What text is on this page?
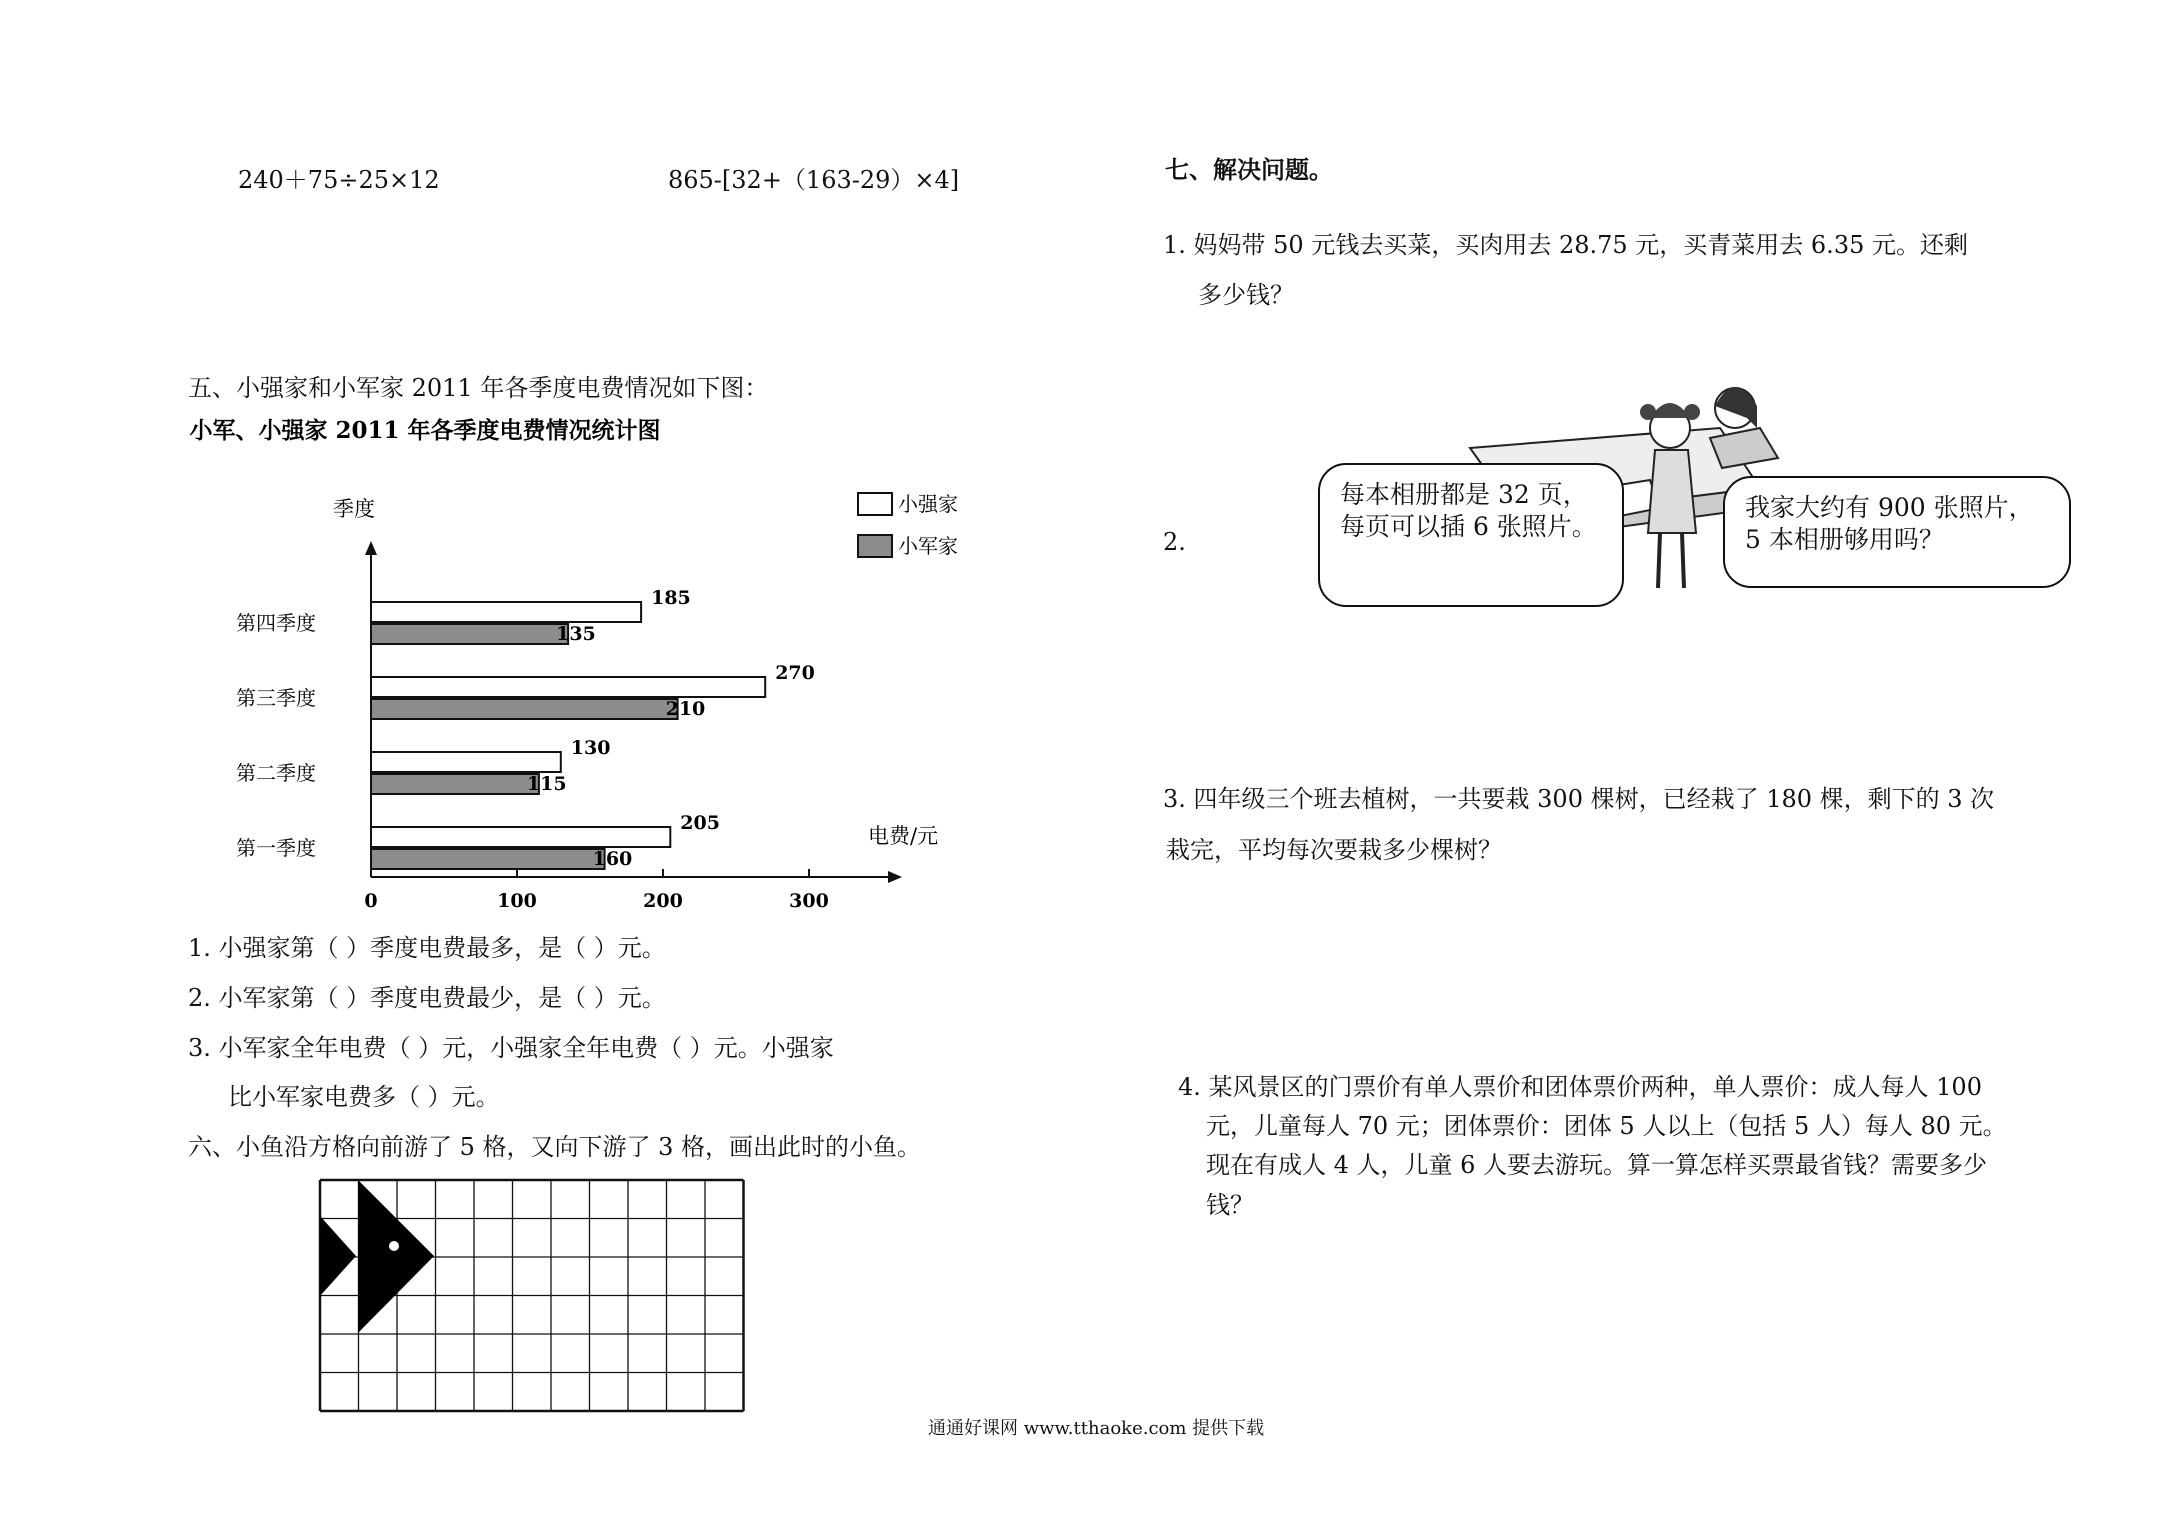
240＋75÷25×12	865-[32+（163-29）×4]
五、小强家和小军家 2011 年各季度电费情况如下图：
小军、小强家 2011 年各季度电费情况统计图
季度
电费/元
0	100	200	300
第一季度
205
160
第二季度
130
115
第三季度
270
210
第四季度
185
135
小强家
小军家
1. 小强家第（ ）季度电费最多，是（ ）元。
2. 小军家第（ ）季度电费最少，是（ ）元。
3. 小军家全年电费（ ）元，小强家全年电费（ ）元。小强家
比小军家电费多（ ）元。
六、小鱼沿方格向前游了 5 格，又向下游了 3 格，画出此时的小鱼。
七、解决问题。
1. 妈妈带 50 元钱去买菜，买肉用去 28.75 元，买青菜用去 6.35 元。还剩
多少钱？
2.
每本相册都是 32 页，每页可以插 6 张照片。
我家大约有 900 张照片，5 本相册够用吗？
3. 四年级三个班去植树，一共要栽 300 棵树，已经栽了 180 棵，剩下的 3 次
栽完，平均每次要栽多少棵树？
4. 某风景区的门票价有单人票价和团体票价两种，单人票价：成人每人 100
元，儿童每人 70 元；团体票价：团体 5 人以上（包括 5 人）每人 80 元。
现在有成人 4 人，儿童 6 人要去游玩。算一算怎样买票最省钱？需要多少
钱？
通通好课网 www.tthaoke.com 提供下载
